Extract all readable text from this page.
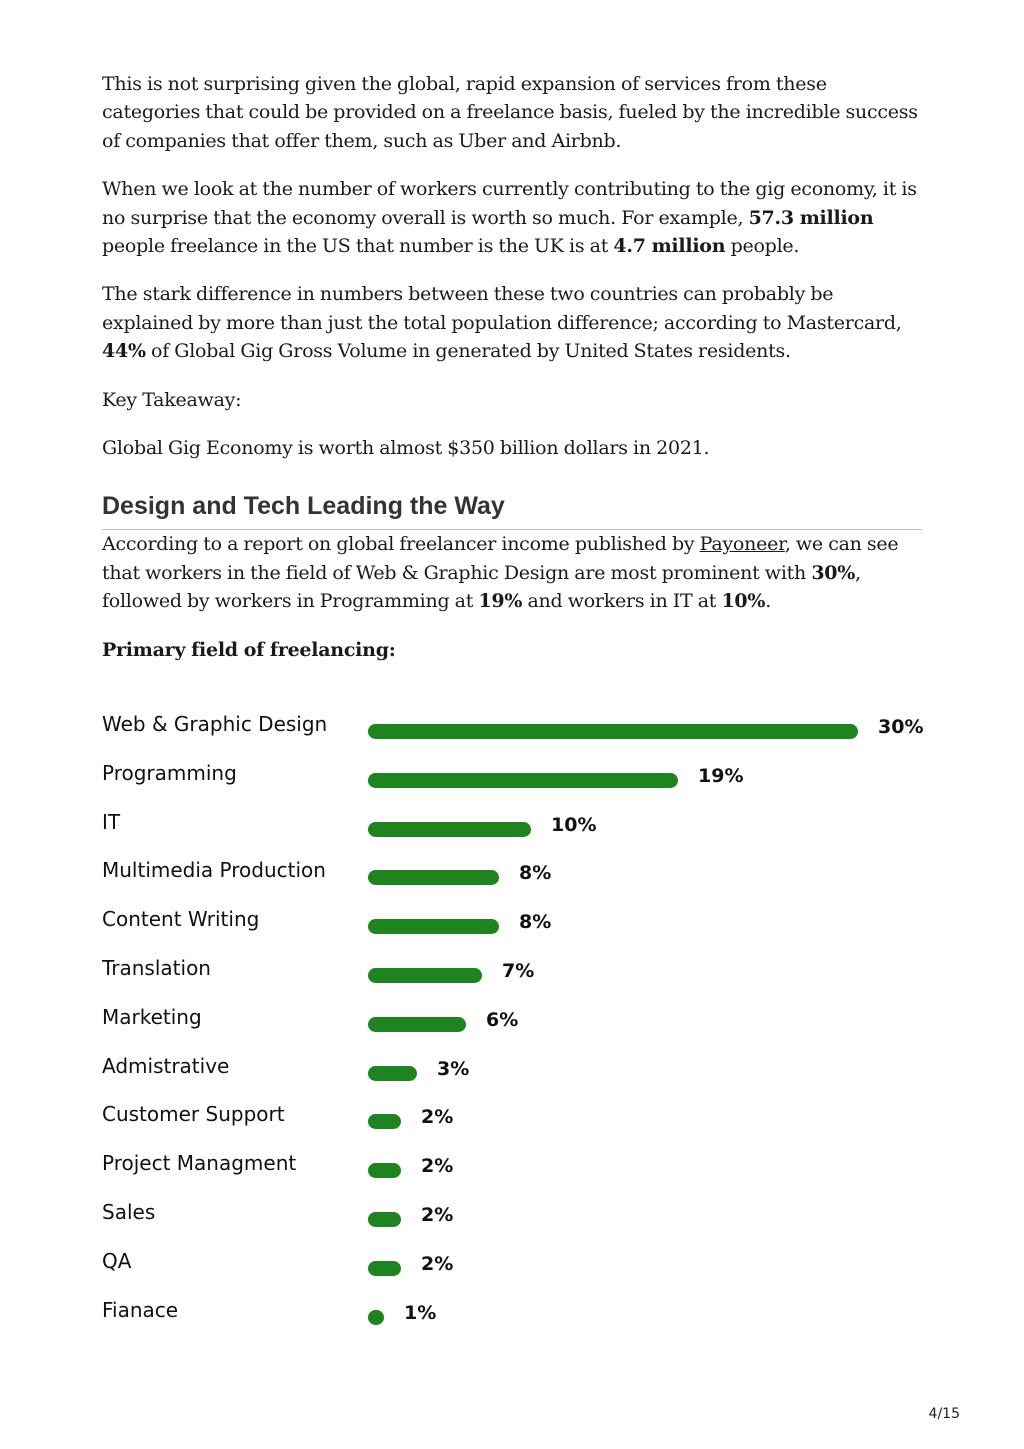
This is not surprising given the global, rapid expansion of services from these categories that could be provided on a freelance basis, fueled by the incredible success of companies that offer them, such as Uber and Airbnb.

When we look at the number of workers currently contributing to the gig economy, it is no surprise that the economy overall is worth so much. For example, 57.3 million people freelance in the US that number is the UK is at 4.7 million people.

The stark difference in numbers between these two countries can probably be explained by more than just the total population difference; according to Mastercard, 44% of Global Gig Gross Volume in generated by United States residents.

Key Takeaway:

Global Gig Economy is worth almost $350 billion dollars in 2021.

Design and Tech Leading the Way

According to a report on global freelancer income published by Payoneer, we can see that workers in the field of Web & Graphic Design are most prominent with 30%, followed by workers in Programming at 19% and workers in IT at 10%.

Primary field of freelancing:

Web & Graphic Design	30%
Programming	19%
IT	10%
Multimedia Production	8%
Content Writing	8%
Translation	7%
Marketing	6%
Admistrative	3%
Customer Support	2%
Project Managment	2%
Sales	2%
QA	2%
Fianace	1%
4/15
